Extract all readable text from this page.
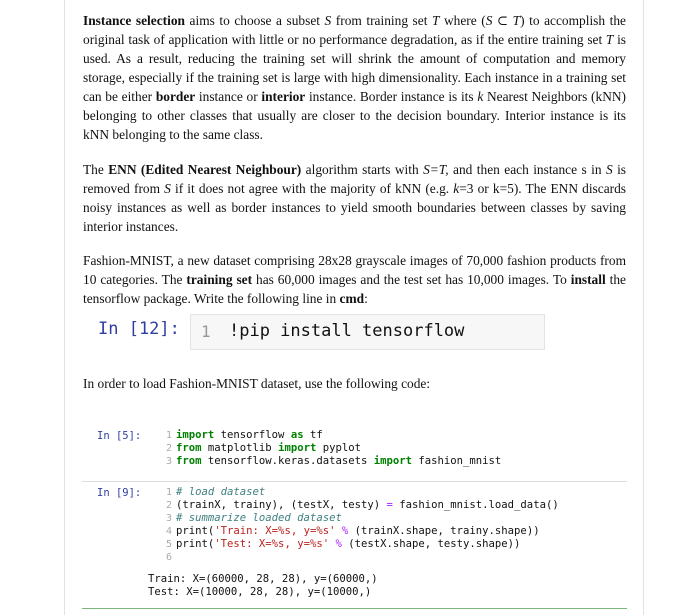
Instance selection aims to choose a subset S from training set T where (S ⊂ T) to accomplish the original task of application with little or no performance degradation, as if the entire training set T is used. As a result, reducing the training set will shrink the amount of computation and memory storage, especially if the training set is large with high dimensionality. Each instance in a training set can be either border instance or interior instance. Border instance is its k Nearest Neighbors (kNN) belonging to other classes that usually are closer to the decision boundary. Interior instance is its kNN belonging to the same class.

The ENN (Edited Nearest Neighbour) algorithm starts with S=T, and then each instance s in S is removed from S if it does not agree with the majority of kNN (e.g. k=3 or k=5). The ENN discards noisy instances as well as border instances to yield smooth boundaries between classes by saving interior instances.

Fashion-MNIST, a new dataset comprising 28x28 grayscale images of 70,000 fashion products from 10 categories. The training set has 60,000 images and the test set has 10,000 images. To install the tensorflow package. Write the following line in cmd:

In [12]: 1 !pip install tensorflow

In order to load Fashion-MNIST dataset, use the following code:

In [5]:	1
2
3
import tensorflow as tf
from matplotlib import pyplot
from tensorflow.keras.datasets import fashion_mnist
In [9]:	1
2
3
4
5
6
# load dataset
(trainX, trainy), (testX, testy) = fashion_mnist.load_data()
# summarize loaded dataset
print('Train: X=%s, y=%s' % (trainX.shape, trainy.shape))
print('Test: X=%s, y=%s' % (testX.shape, testy.shape))
Train: X=(60000, 28, 28), y=(60000,)
Test: X=(10000, 28, 28), y=(10000,)
